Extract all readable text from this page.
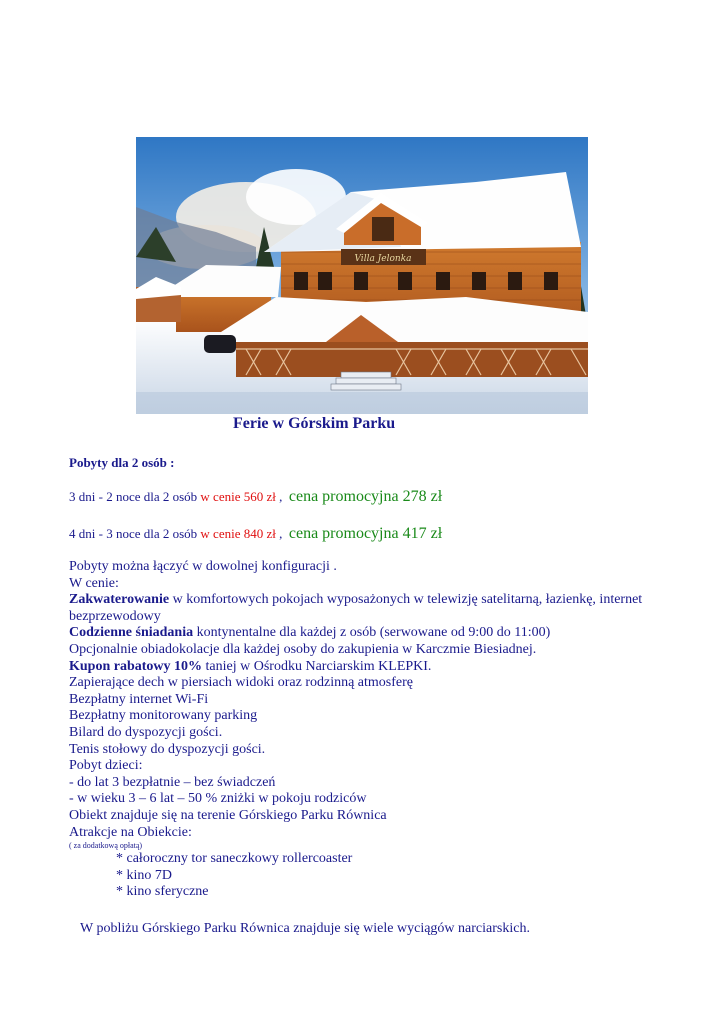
Villa Jelonka
Ferie w Górskim Parku
Pobyty dla 2 osób :
3 dni - 2 noce dla 2 osób w cenie 560 zł , cena promocyjna 278 zł
4 dni - 3 noce dla 2 osób w cenie 840 zł , cena promocyjna 417 zł

Pobyty można łączyć w dowolnej konfiguracji .

W cenie:

Zakwaterowanie w komfortowych pokojach wyposażonych w telewizję satelitarną, łazienkę, internet bezprzewodowy

Codzienne śniadania kontynentalne dla każdej z osób (serwowane od 9:00 do 11:00)

Opcjonalnie obiadokolacje dla każdej osoby do zakupienia w Karczmie Biesiadnej.

Kupon rabatowy 10% taniej w Ośrodku Narciarskim KLEPKI.

Zapierające dech w piersiach widoki oraz rodzinną atmosferę

Bezpłatny internet Wi-Fi

Bezpłatny monitorowany parking

Bilard do dyspozycji gości.

Tenis stołowy do dyspozycji gości.

Pobyt dzieci:

- do lat 3 bezpłatnie – bez świadczeń

- w wieku 3 – 6 lat – 50 % zniżki w pokoju rodziców

Obiekt znajduje się na terenie Górskiego Parku Równica

Atrakcje na Obiekcie:

( za dodatkową opłatą)

* całoroczny tor saneczkowy rollercoaster

* kino 7D

* kino sferyczne

W pobliżu Górskiego Parku Równica znajduje się wiele wyciągów narciarskich.
